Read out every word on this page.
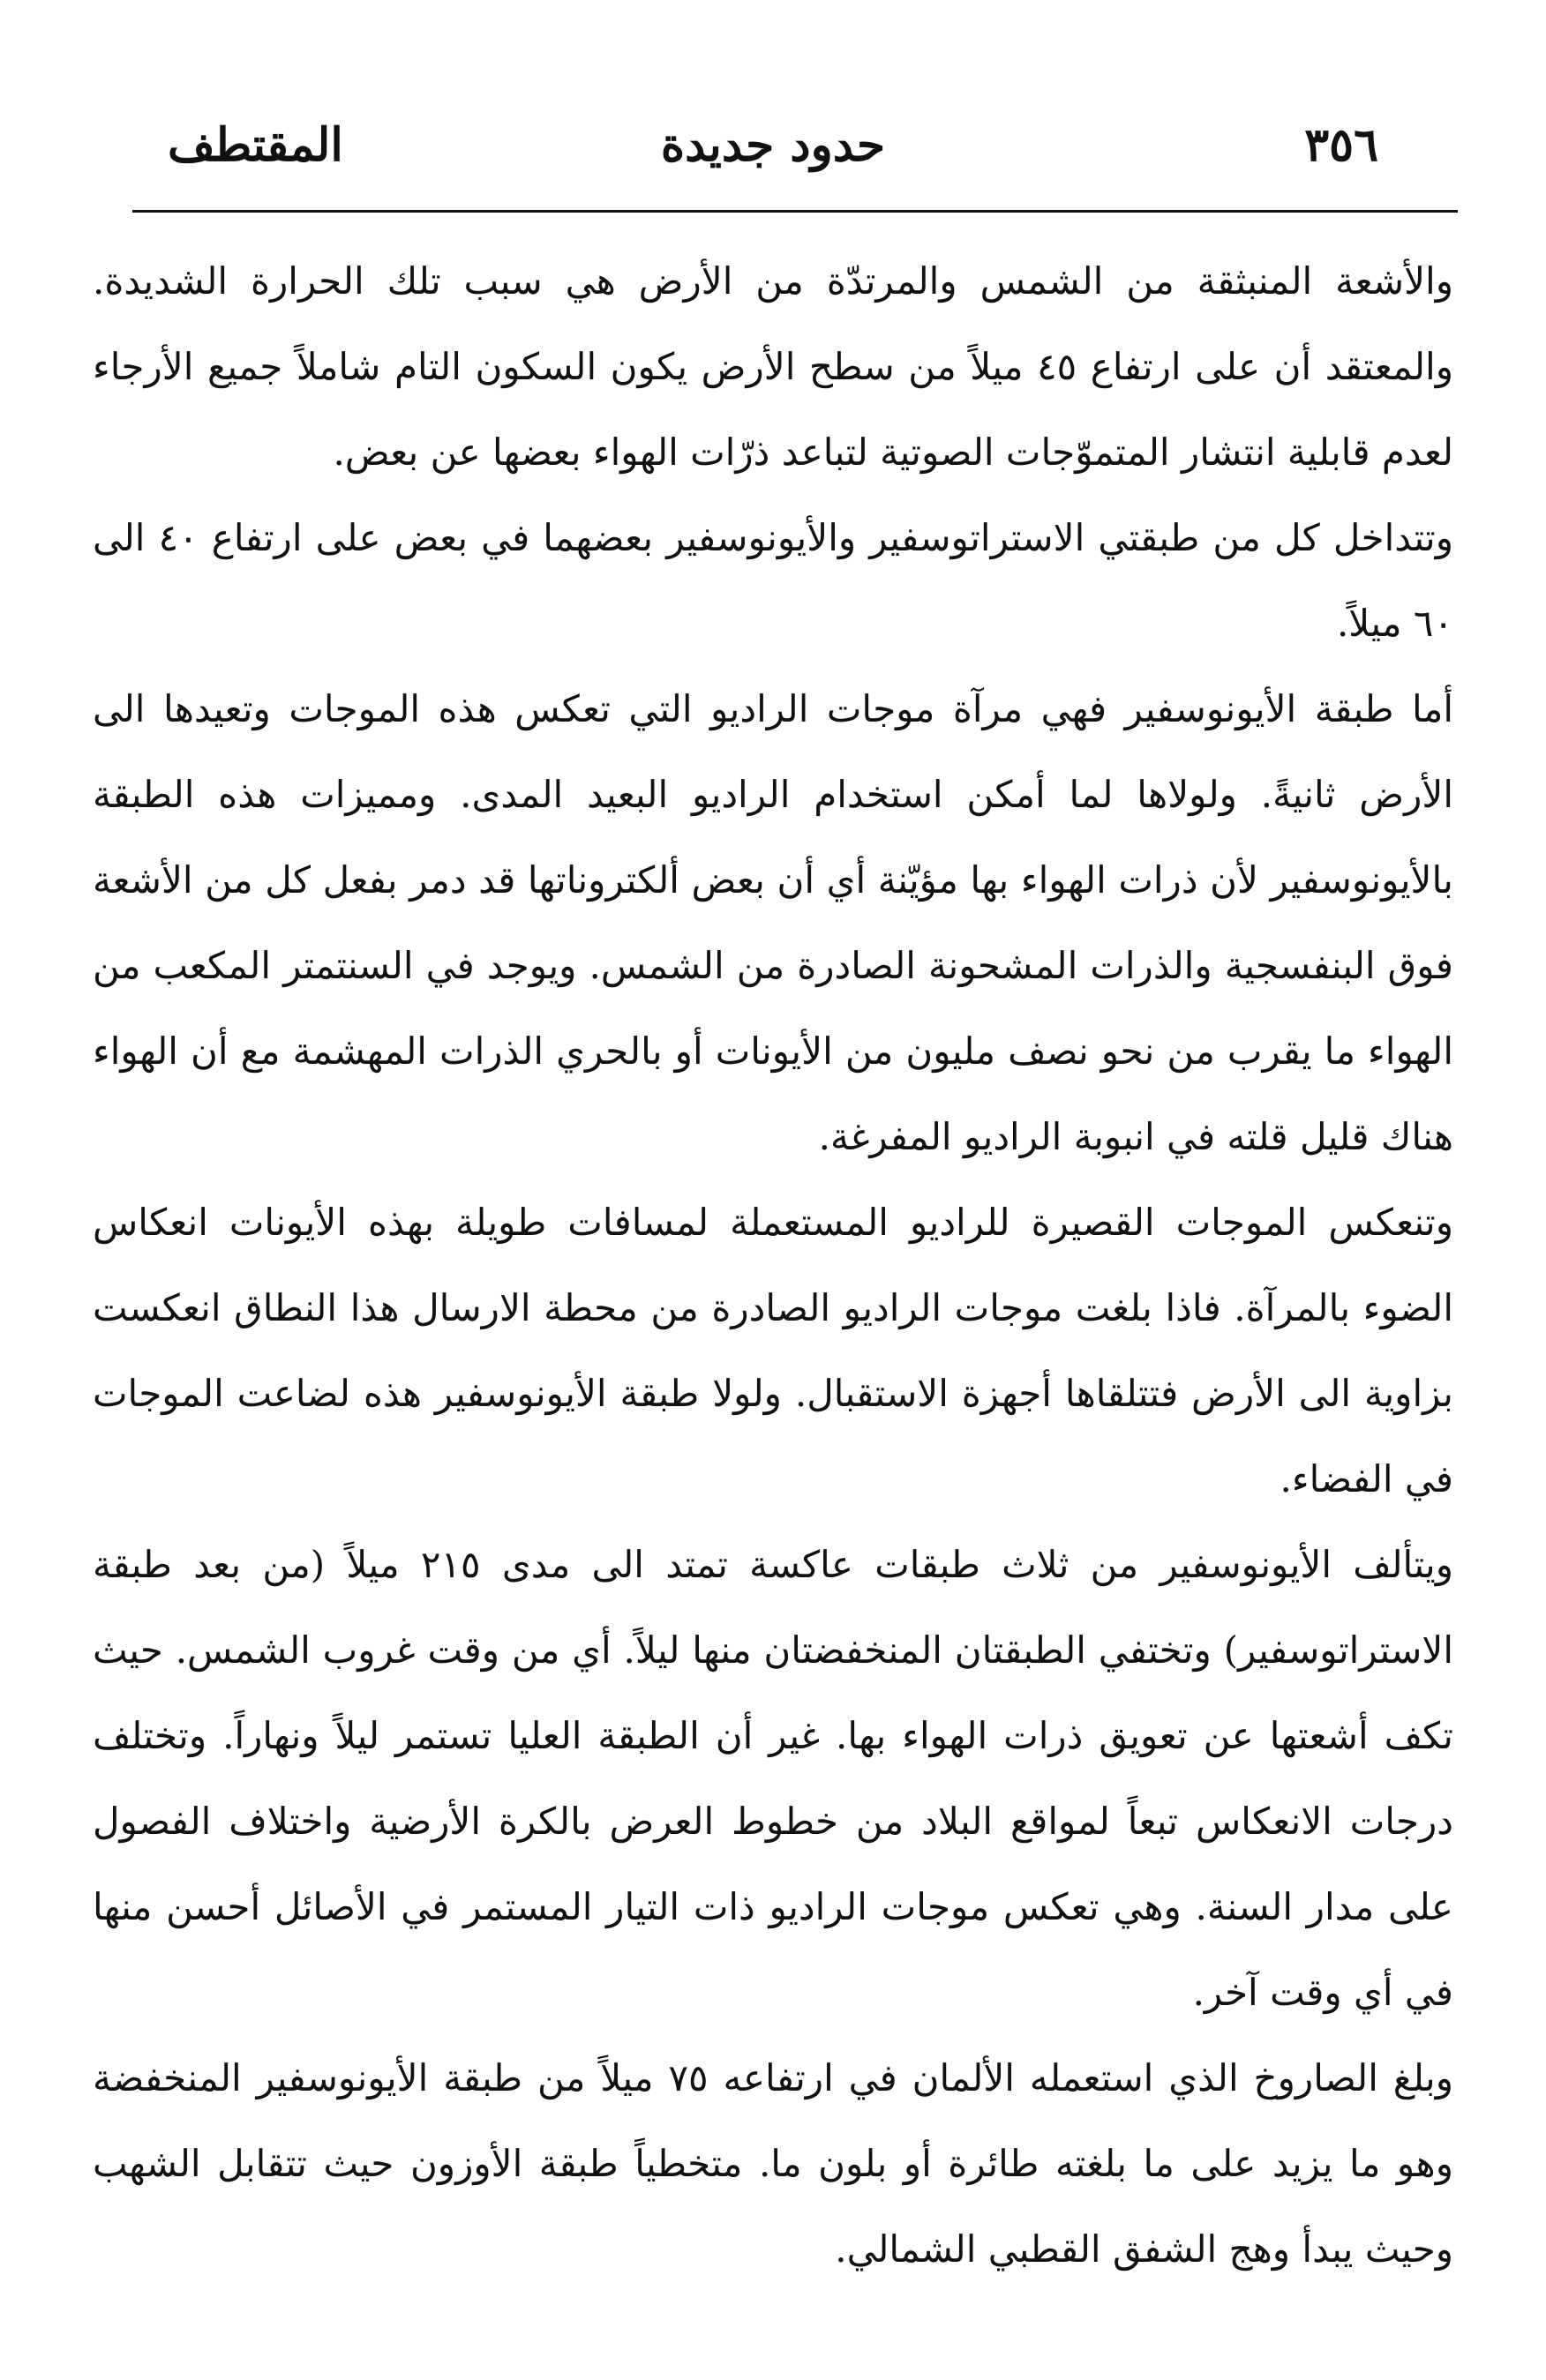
٣٥٦
حدود جديدة
المقتطف

والأشعة المنبثقة من الشمس والمرتدّة من الأرض هي سبب تلك الحرارة الشديدة. والمعتقد أن على ارتفاع ٤٥ ميلاً من سطح الأرض يكون السكون التام شاملاً جميع الأرجاء لعدم قابلية انتشار المتموّجات الصوتية لتباعد ذرّات الهواء بعضها عن بعض.

وتتداخل كل من طبقتي الاستراتوسفير والأيونوسفير بعضهما في بعض على ارتفاع ٤٠ الى ٦٠ ميلاً.

أما طبقة الأيونوسفير فهي مرآة موجات الراديو التي تعكس هذه الموجات وتعيدها الى الأرض ثانيةً. ولولاها لما أمكن استخدام الراديو البعيد المدى. ومميزات هذه الطبقة بالأيونوسفير لأن ذرات الهواء بها مؤيّنة أي أن بعض ألكتروناتها قد دمر بفعل كل من الأشعة فوق البنفسجية والذرات المشحونة الصادرة من الشمس. ويوجد في السنتمتر المكعب من الهواء ما يقرب من نحو نصف مليون من الأيونات أو بالحري الذرات المهشمة مع أن الهواء هناك قليل قلته في انبوبة الراديو المفرغة.

وتنعكس الموجات القصيرة للراديو المستعملة لمسافات طويلة بهذه الأيونات انعكاس الضوء بالمرآة. فاذا بلغت موجات الراديو الصادرة من محطة الارسال هذا النطاق انعكست بزاوية الى الأرض فتتلقاها أجهزة الاستقبال. ولولا طبقة الأيونوسفير هذه لضاعت الموجات في الفضاء.

ويتألف الأيونوسفير من ثلاث طبقات عاكسة تمتد الى مدى ٢١٥ ميلاً (من بعد طبقة الاستراتوسفير) وتختفي الطبقتان المنخفضتان منها ليلاً. أي من وقت غروب الشمس. حيث تكف أشعتها عن تعويق ذرات الهواء بها. غير أن الطبقة العليا تستمر ليلاً ونهاراً. وتختلف درجات الانعكاس تبعاً لمواقع البلاد من خطوط العرض بالكرة الأرضية واختلاف الفصول على مدار السنة. وهي تعكس موجات الراديو ذات التيار المستمر في الأصائل أحسن منها في أي وقت آخر.

وبلغ الصاروخ الذي استعمله الألمان في ارتفاعه ٧٥ ميلاً من طبقة الأيونوسفير المنخفضة وهو ما يزيد على ما بلغته طائرة أو بلون ما. متخطياً طبقة الأوزون حيث تتقابل الشهب وحيث يبدأ وهج الشفق القطبي الشمالي.
